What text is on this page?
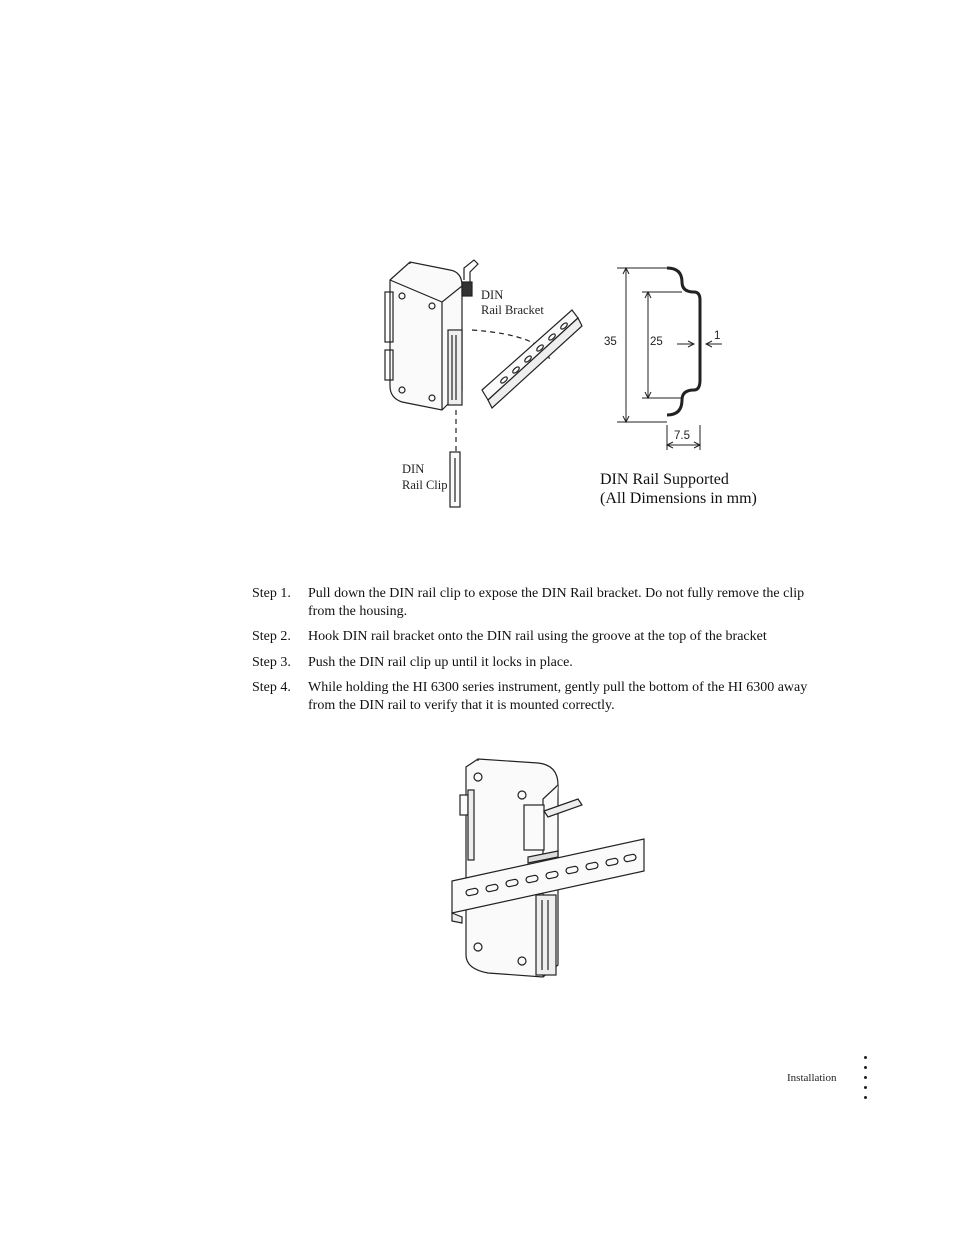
DIN
Rail Bracket
DIN
Rail Clip
35	25	1
7.5
DIN Rail Supported
(All Dimensions in mm)
Step 1.	Pull down the DIN rail clip to expose the DIN Rail bracket. Do not fully remove the clip from the housing.
Step 2.	Hook DIN rail bracket onto the DIN rail using the groove at the top of the bracket
Step 3.	Push the DIN rail clip up until it locks in place.
Step 4.	While holding the HI 6300 series instrument, gently pull the bottom of the HI 6300 away from the DIN rail to verify that it is mounted correctly.
Installation
